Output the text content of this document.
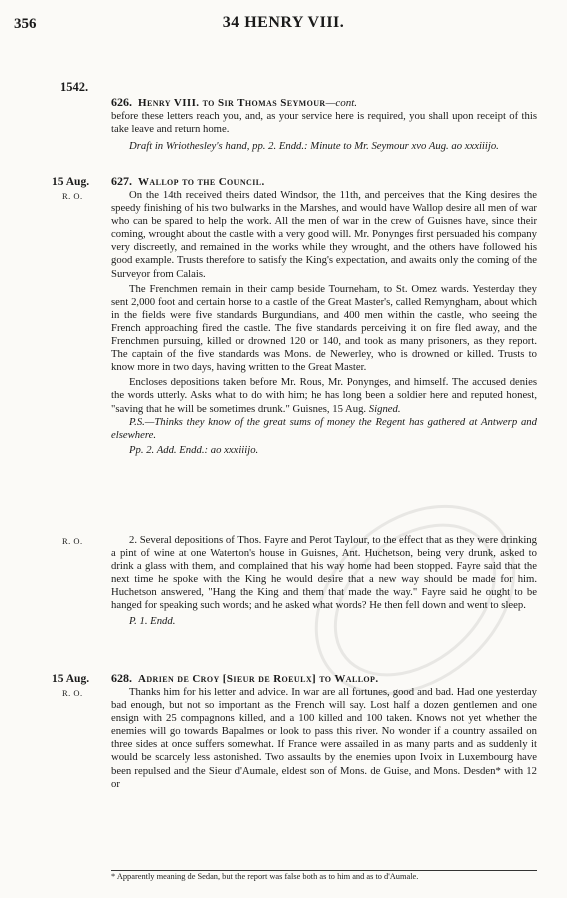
356	34 HENRY VIII.
1542.
626. Henry VIII. to Sir Thomas Seymour—cont.

before these letters reach you, and, as your service here is required, you shall upon receipt of this take leave and return home.

Draft in Wriothesley's hand, pp. 2. Endd.: Minute to Mr. Seymour xvo Aug. ao xxxiiijo.

15 Aug.
R. O.
627. Wallop to the Council.

On the 14th received theirs dated Windsor, the 11th, and perceives that the King desires the speedy finishing of his two bulwarks in the Marshes, and would have Wallop desire all men of war who can be spared to help the work. All the men of war in the crew of Guisnes have, since their coming, wrought about the castle with a very good will. Mr. Ponynges first persuaded his company very discreetly, and remained in the works while they wrought, and the others have followed his good example. Trusts therefore to satisfy the King's expectation, and awaits only the coming of the Surveyor from Calais.

The Frenchmen remain in their camp beside Tourneham, to St. Omez wards. Yesterday they sent 2,000 foot and certain horse to a castle of the Great Master's, called Remyngham, about which in the fields were five standards Burgundians, and 400 men within the castle, who seeing the French approaching fired the castle. The five standards perceiving it on fire fled away, and the Frenchmen pursuing, killed or drowned 120 or 140, and took as many prisoners, as they report. The captain of the five standards was Mons. de Newerley, who is drowned or killed. Trusts to know more in two days, having written to the Great Master.

Encloses depositions taken before Mr. Rous, Mr. Ponynges, and himself. The accused denies the words utterly. Asks what to do with him; he has long been a soldier here and reputed honest, "saving that he will be sometimes drunk." Guisnes, 15 Aug. Signed.

P.S.—Thinks they know of the great sums of money the Regent has gathered at Antwerp and elsewhere.

Pp. 2. Add. Endd.: ao xxxiiijo.

R. O.	2. Several depositions of Thos. Fayre and Perot Taylour, to the effect that as they were drinking a pint of wine at one Waterton's house in Guisnes, Ant. Huchetson, being very drunk, asked to drink a glass with them, and complained that his way home had been stopped. Fayre said that the next time he spoke with the King he would desire that a new way should be made for him. Huchetson answered, "Hang the King and them that made the way." Fayre said he ought to be hanged for speaking such words; and he asked what words? He then fell down and went to sleep.

P. 1. Endd.

15 Aug.
R. O.
628. Adrien de Croy [Sieur de Roeulx] to Wallop.

Thanks him for his letter and advice. In war are all fortunes, good and bad. Had one yesterday bad enough, but not so important as the French will say. Lost half a dozen gentlemen and one ensign with 25 compagnons killed, and a 100 killed and 100 taken. Knows not yet whether the enemies will go towards Bapalmes or look to pass this river. No wonder if a country assailed on three sides at once suffers somewhat. If France were assailed in as many parts and as suddenly it would be scarcely less astonished. Two assaults by the enemies upon Ivoix in Luxembourg have been repulsed and the Sieur d'Aumale, eldest son of Mons. de Guise, and Mons. Desden* with 12 or

* Apparently meaning de Sedan, but the report was false both as to him and as to d'Aumale.
